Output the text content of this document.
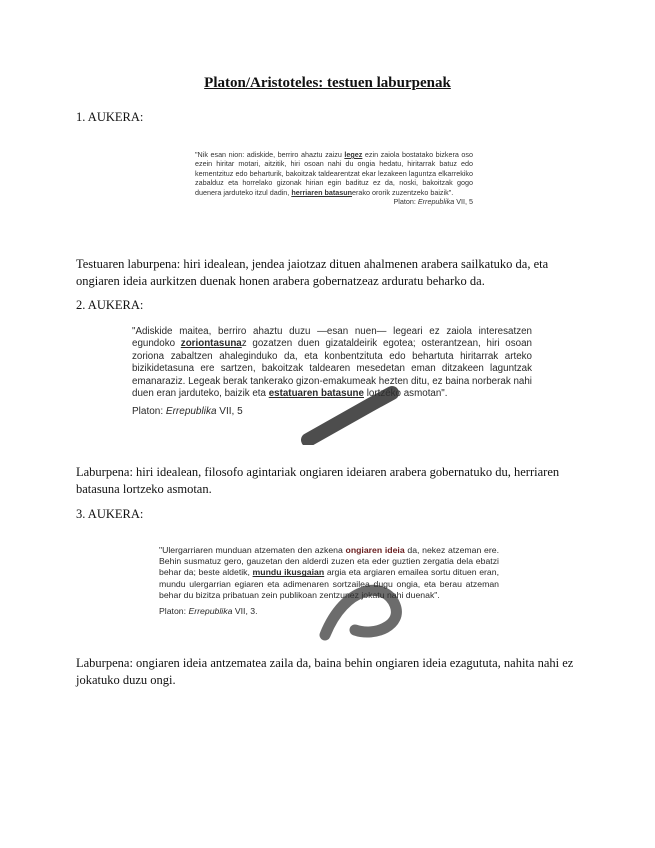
Platon/Aristoteles: testuen laburpenak
1. AUKERA:

"Nik esan nion: adiskide, berriro ahaztu zaizu legez ezin zaiola bostatako bizkera oso ezein hiritar motari, aitzitik, hiri osoan nahi du ongia hedatu, hiritarrak batuz edo kementzituz edo beharturik, bakoitzak taldearentzat ekar lezakeen laguntza elkarrekiko zabalduz eta horrelako gizonak hirian egin badituz ez da, noski, bakoitzak gogo duenera jarduteko itzul dadin, herriaren batasunerako ororik zuzentzeko baizik".

Platon: Errepublika VII, 5

Testuaren laburpena: hiri idealean, jendea jaiotzaz dituen ahalmenen arabera sailkatuko da, eta ongiaren ideia aurkitzen duenak honen arabera gobernatzeaz arduratu beharko da.
2. AUKERA:

"Adiskide maitea, berriro ahaztu duzu —esan nuen— legeari ez zaiola interesatzen egundoko zoriontasunaz gozatzen duen gizataldeirik egotea; osterantzean, hiri osoan zoriona zabaltzen ahaleginduko da, eta konbentzituta edo behartuta hiritarrak arteko bizikidetasuna ere sartzen, bakoitzak taldearen mesedetan eman ditzakeen laguntzak emanaraziz. Legeak berak tankerako gizon-emakumeak hezten ditu, ez baina norberak nahi duen eran jarduteko, baizik eta estatuaren batasune lortzeko asmotan".

Platon: Errepublika VII, 5

Laburpena: hiri idealean, filosofo agintariak ongiaren ideiaren arabera gobernatuko du, herriaren batasuna lortzeko asmotan.
3. AUKERA:

"Ulergarriaren munduan atzematen den azkena ongiaren ideia da, nekez atzeman ere. Behin susmatuz gero, gauzetan den alderdi zuzen eta eder guztien zergatia dela ebatzi behar da; beste aldetik, mundu ikusgaian argia eta argiaren emailea sortu dituen eran, mundu ulergarrian egiaren eta adimenaren sortzailea dugu ongia, eta berau atzeman behar du bizitza pribatuan zein publikoan zentzunez jokatu nahi duenak".

Platon: Errepublika VII, 3.

Laburpena: ongiaren ideia antzematea zaila da, baina behin ongiaren ideia ezagututa, nahita nahi ez jokatuko duzu ongi.
